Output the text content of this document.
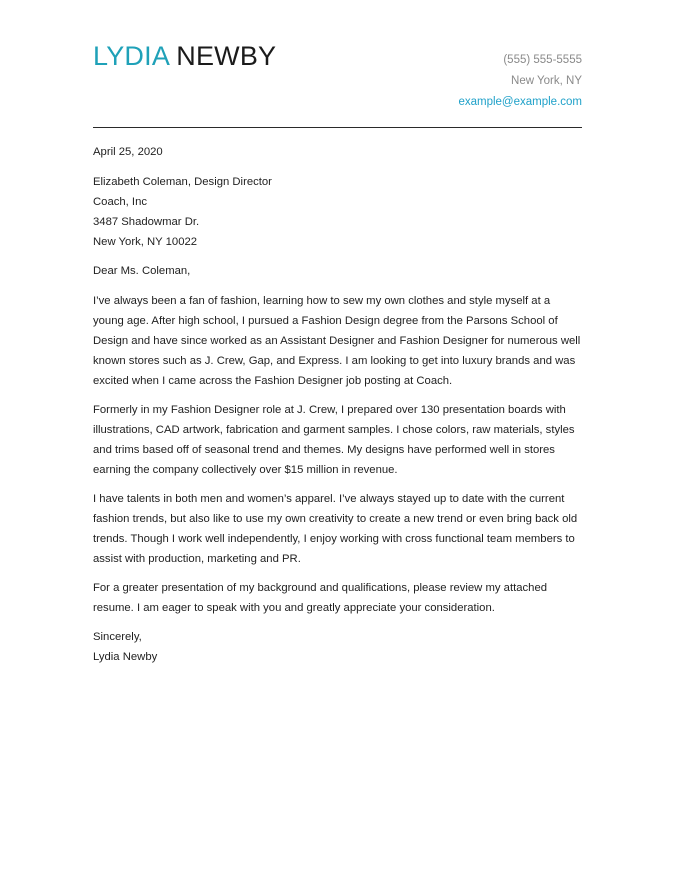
LYDIA NEWBY	(555) 555-5555
New York, NY
example@example.com

April 25, 2020

Elizabeth Coleman, Design Director

Coach, Inc

3487 Shadowmar Dr.

New York, NY 10022

Dear Ms. Coleman,

I’ve always been a fan of fashion, learning how to sew my own clothes and style myself at a young age. After high school, I pursued a Fashion Design degree from the Parsons School of Design and have since worked as an Assistant Designer and Fashion Designer for numerous well known stores such as J. Crew, Gap, and Express. I am looking to get into luxury brands and was excited when I came across the Fashion Designer job posting at Coach.

Formerly in my Fashion Designer role at J. Crew, I prepared over 130 presentation boards with illustrations, CAD artwork, fabrication and garment samples. I chose colors, raw materials, styles and trims based off of seasonal trend and themes. My designs have performed well in stores earning the company collectively over $15 million in revenue.

I have talents in both men and women’s apparel. I’ve always stayed up to date with the current fashion trends, but also like to use my own creativity to create a new trend or even bring back old trends. Though I work well independently, I enjoy working with cross functional team members to assist with production, marketing and PR.

For a greater presentation of my background and qualifications, please review my attached resume. I am eager to speak with you and greatly appreciate your consideration.

Sincerely,

Lydia Newby
